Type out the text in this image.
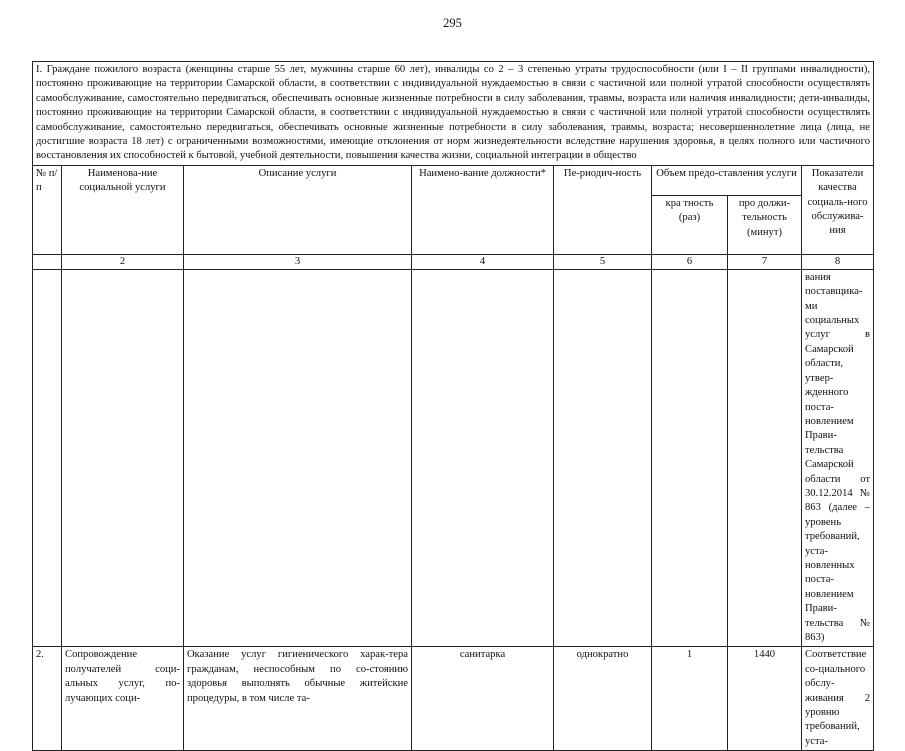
295
I. Граждане пожилого возраста (женщины старше 55 лет, мужчины старше 60 лет), инвалиды со 2 – 3 степенью утраты трудоспособности (или I – II группами инвалидности), постоянно проживающие на территории Самарской области, в соответствии с индивидуальной нуждаемостью в связи с частичной или полной утратой способности осуществлять самообслуживание, самостоятельно передвигаться, обеспечивать основные жизненные потребности в силу заболевания, травмы, возраста или наличия инвалидности; дети-инвалиды, постоянно проживающие на территории Самарской области, в соответствии с индивидуальной нуждаемостью в связи с частичной или полной утратой способности осуществлять самообслуживание, самостоятельно передвигаться, обеспечивать основные жизненные потребности в силу заболевания, травмы, возраста; несовершеннолетние лица (лица, не достигшие возраста 18 лет) с ограниченными возможностями, имеющие отклонения от норм жизнедеятельности вследствие нарушения здоровья, в целях полного или частичного восстановления их способностей к бытовой, учебной деятельности, повышения качества жизни, социальной интеграции в общество							
№ п/п	Наименова-ние социальной услуги	Описание услуги	Наимено-вание должности*	Пе-риодич-ность	Объем предо-ставления услуги		Показатели качества социаль-ного обслужива-ния
					кра тность (раз)	про должи-тельность (минут)	
	2	3	4	5	6	7	8
							вания поставщика-ми социальных услуг в Самарской области, утвер-жденного поста-новлением Прави-тельства Самарской области от 30.12.2014 № 863 (далее – уровень требований, уста-новленных поста-новлением Прави-тельства № 863)
2.	Сопровождение получателей соци-альных услуг, по-лучающих соци-	Оказание услуг гигиенического харак-тера гражданам, неспособным по со-стоянию здоровья выполнять обычные житейские процедуры, в том числе та-	санитарка	однократно	1	1440	Соответствие со-циального обслу-живания 2 уровню требований, уста-
